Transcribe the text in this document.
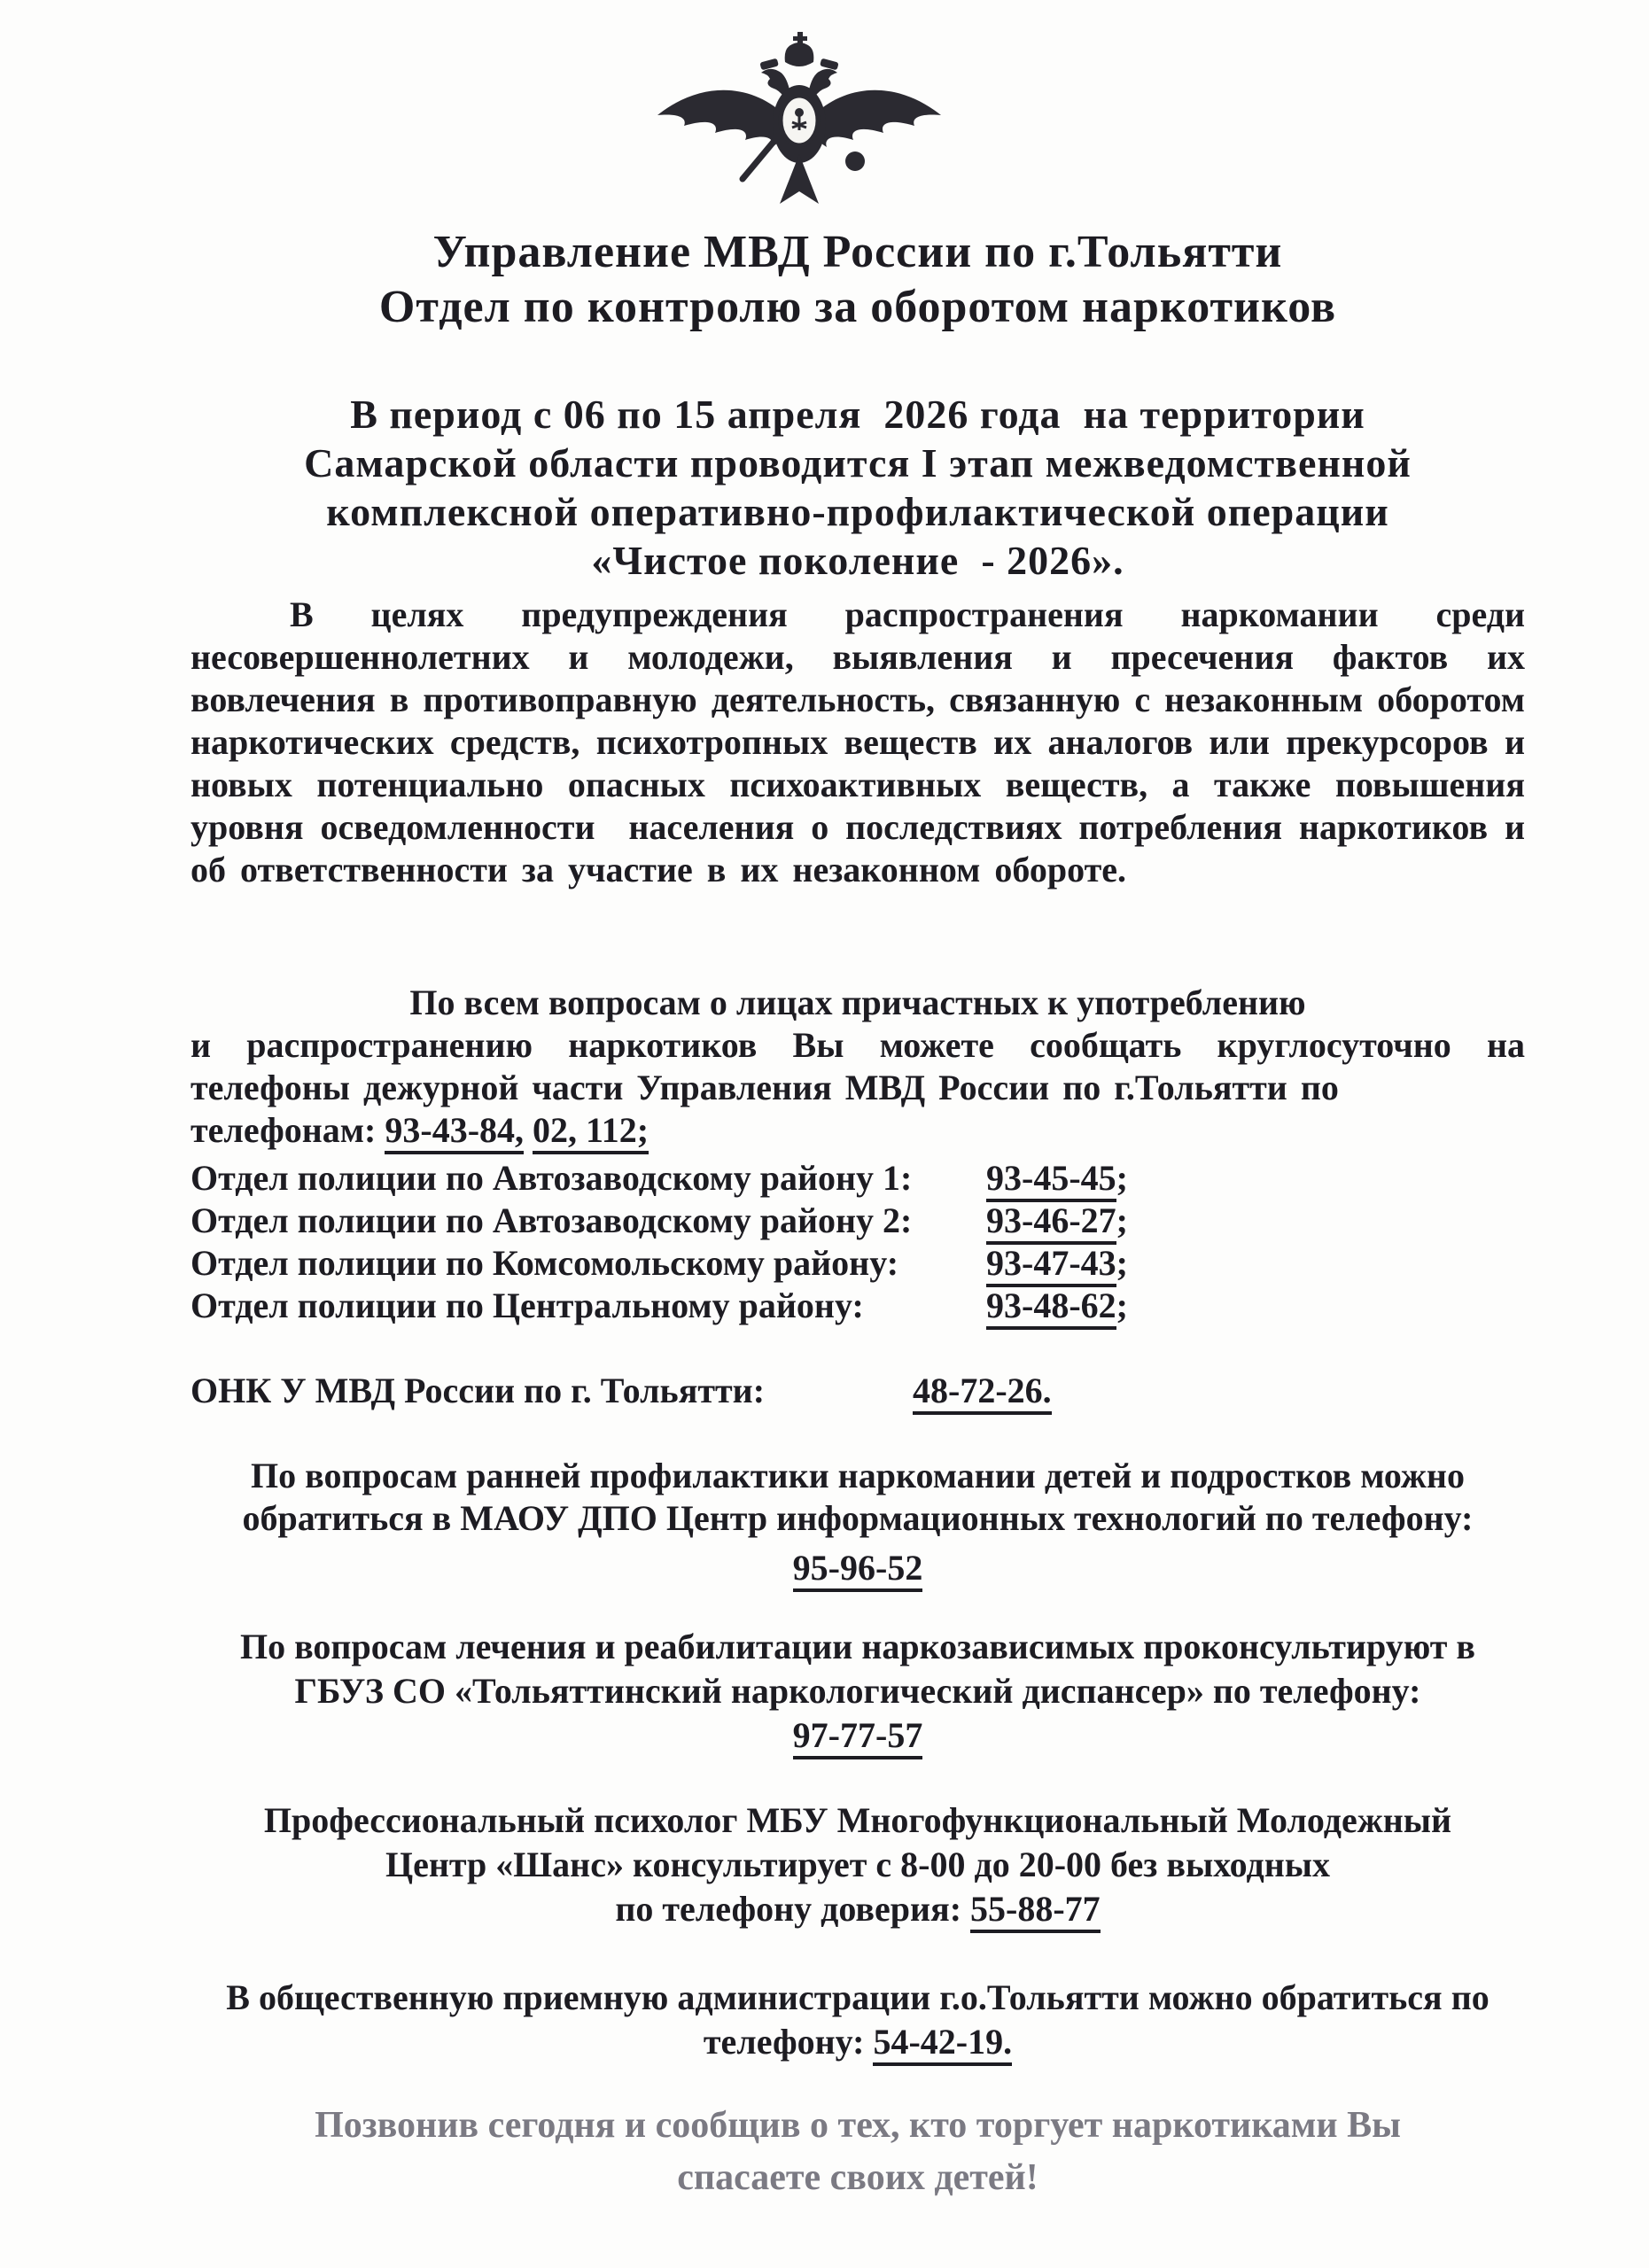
Управление МВД России по г.Тольятти
Отдел по контролю за оборотом наркотиков
В период с 06 по 15 апреля  2026 года  на территории
Самарской области проводится I этап межведомственной
комплексной оперативно-профилактической операции
«Чистое поколение  - 2026».
В целях предупреждения распространения наркомании среди несовершеннолетних и молодежи, выявления и пресечения фактов их вовлечения в противоправную деятельность, связанную с незаконным оборотом наркотических средств, психотропных веществ их аналогов или прекурсоров и новых потенциально опасных психоактивных веществ, а также повышения уровня осведомленности  населения о последствиях потребления наркотиков и об ответственности за участие в их незаконном обороте.
По всем вопросам о лицах причастных к употреблению
и распространению наркотиков Вы можете сообщать круглосуточно на телефоны дежурной части Управления МВД России по г.Тольятти по
телефонам: 93-43-84, 02, 112;
Отдел полиции по Автозаводскому району 1:	93-45-45;
Отдел полиции по Автозаводскому району 2:	93-46-27;
Отдел полиции по Комсомольскому району:	93-47-43;
Отдел полиции по Центральному району:	93-48-62;
ОНК У МВД России по г. Тольятти:	48-72-26.
По вопросам ранней профилактики наркомании детей и подростков можно
обратиться в МАОУ ДПО Центр информационных технологий по телефону:
95-96-52
По вопросам лечения и реабилитации наркозависимых проконсультируют в
ГБУЗ СО «Тольяттинский наркологический диспансер» по телефону:
97-77-57
Профессиональный психолог МБУ Многофункциональный Молодежный
Центр «Шанс» консультирует с 8-00 до 20-00 без выходных
по телефону доверия: 55-88-77
В общественную приемную администрации г.о.Тольятти можно обратиться по
телефону: 54-42-19.
Позвонив сегодня и сообщив о тех, кто торгует наркотиками Вы
спасаете своих детей!
